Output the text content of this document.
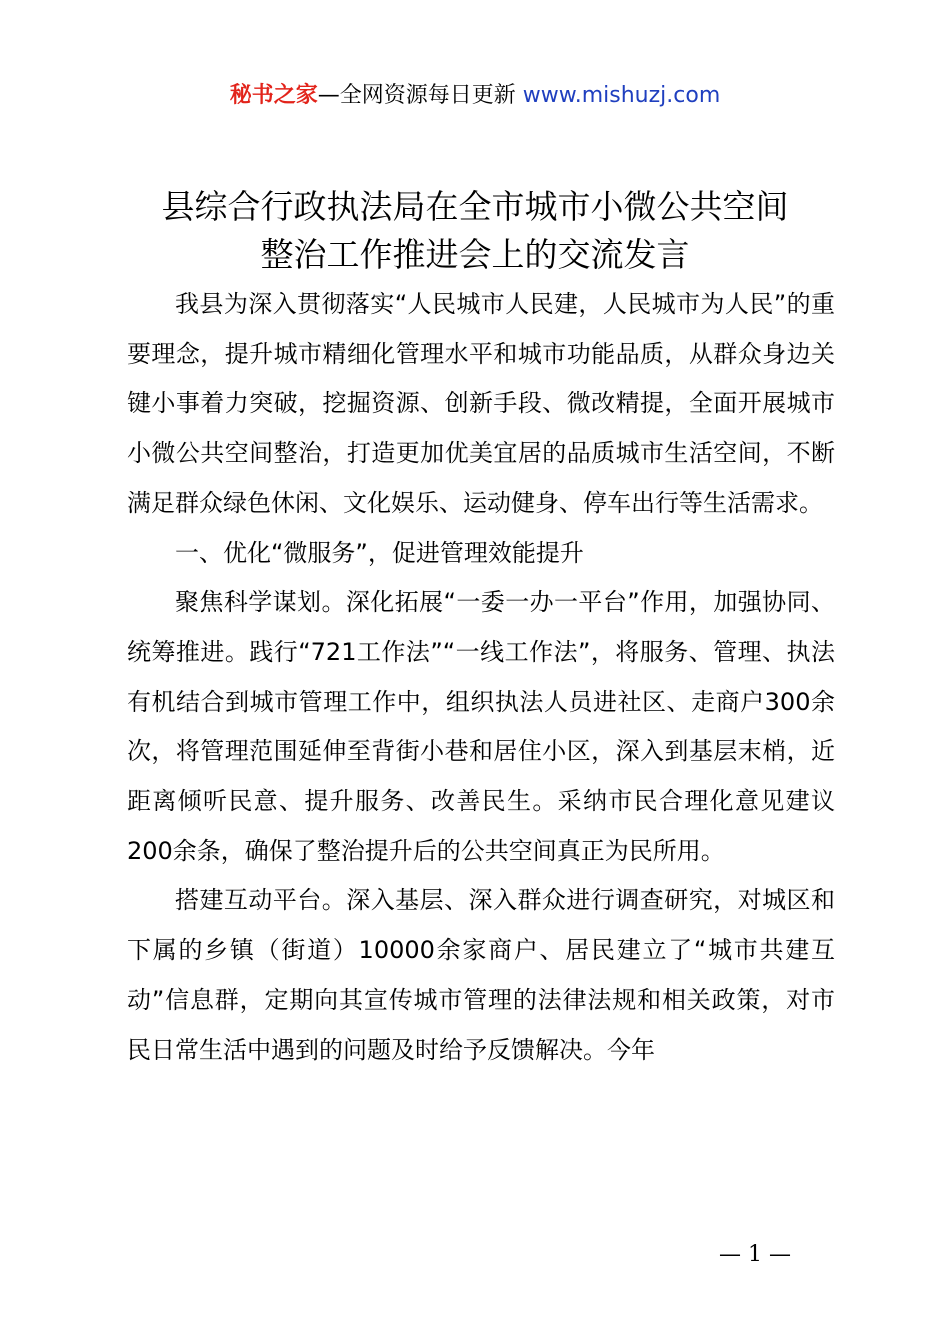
秘书之家—全网资源每日更新 www.mishuzj.com
县综合行政执法局在全市城市小微公共空间
整治工作推进会上的交流发言

我县为深入贯彻落实“人民城市人民建，人民城市为人民”的重要理念，提升城市精细化管理水平和城市功能品质，从群众身边关键小事着力突破，挖掘资源、创新手段、微改精提，全面开展城市小微公共空间整治，打造更加优美宜居的品质城市生活空间，不断满足群众绿色休闲、文化娱乐、运动健身、停车出行等生活需求。

一、优化“微服务”，促进管理效能提升

聚焦科学谋划。深化拓展“一委一办一平台”作用，加强协同、统筹推进。践行“721工作法”“一线工作法”，将服务、管理、执法有机结合到城市管理工作中，组织执法人员进社区、走商户300余次，将管理范围延伸至背街小巷和居住小区，深入到基层末梢，近距离倾听民意、提升服务、改善民生。采纳市民合理化意见建议200余条，确保了整治提升后的公共空间真正为民所用。

搭建互动平台。深入基层、深入群众进行调查研究，对城区和下属的乡镇（街道）10000余家商户、居民建立了“城市共建互动”信息群，定期向其宣传城市管理的法律法规和相关政策，对市民日常生活中遇到的问题及时给予反馈解决。今年

— 1 —
